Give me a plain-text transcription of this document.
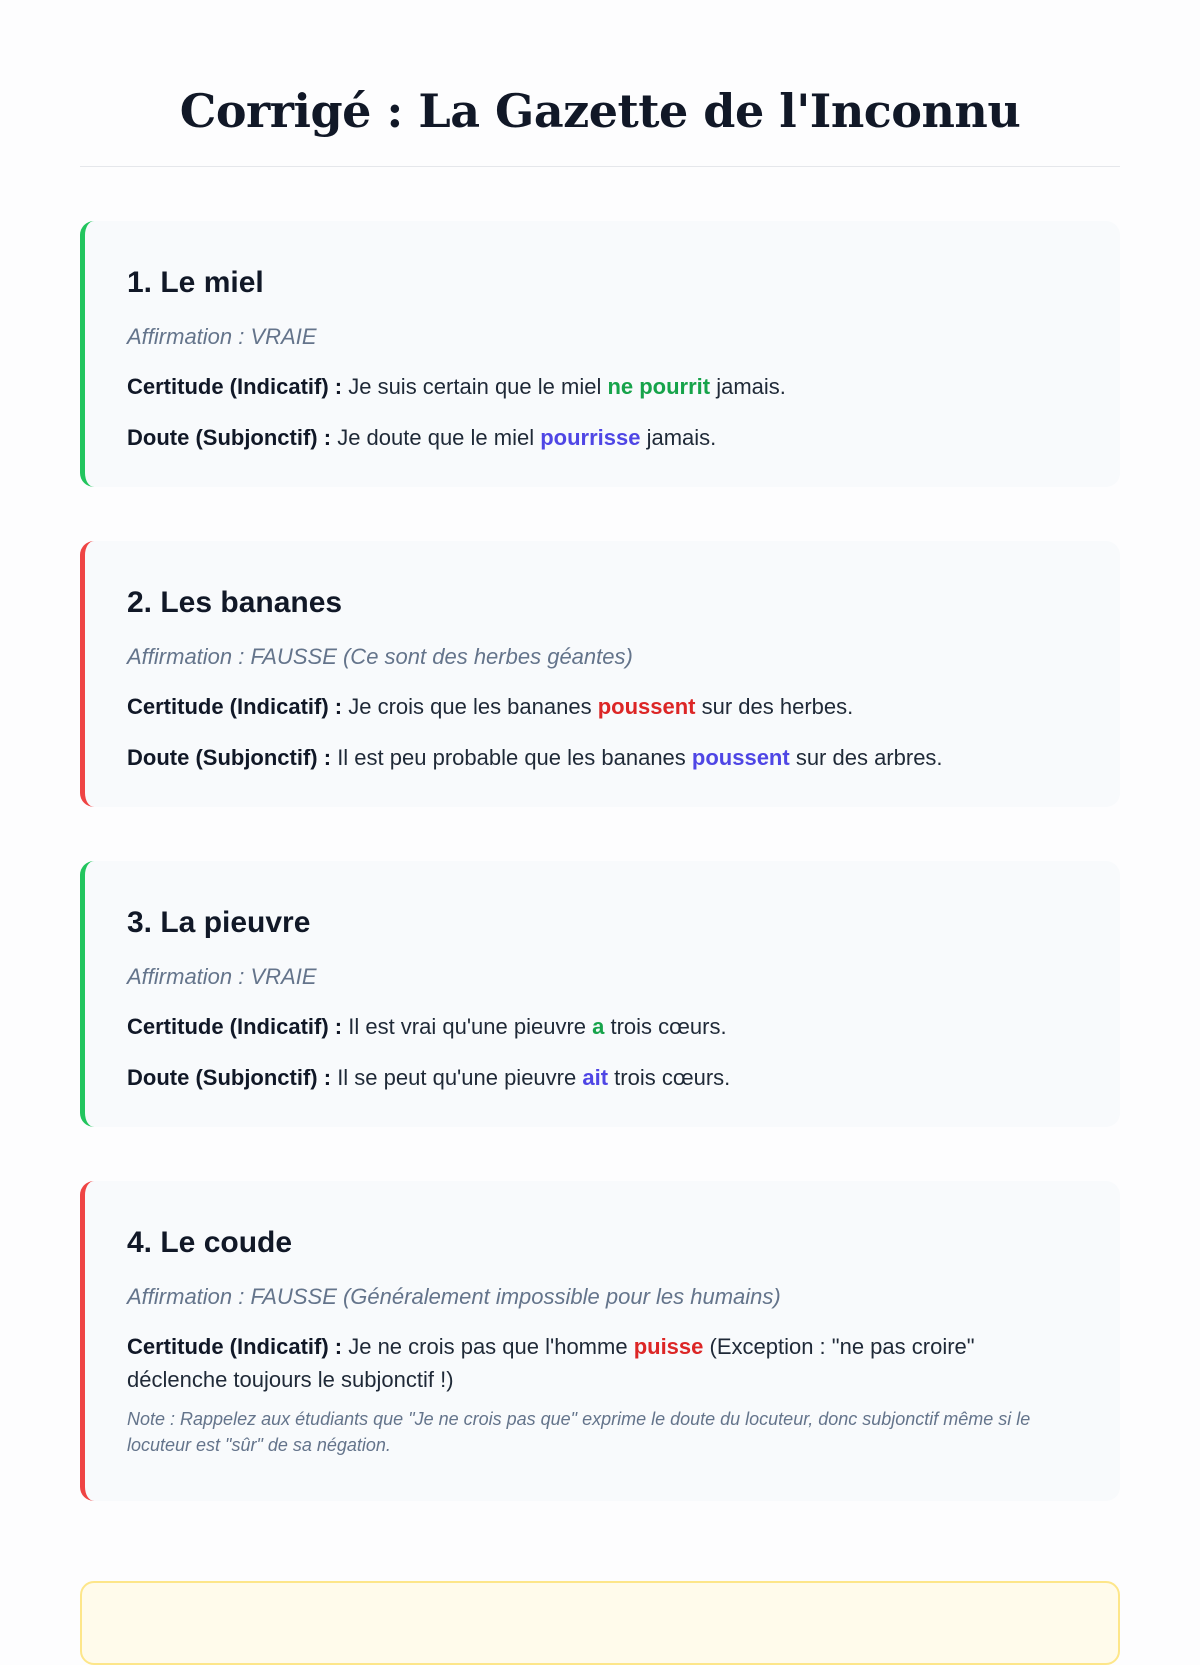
Corrigé : La Gazette de l'Inconnu
1. Le miel

Affirmation : VRAIE

Certitude (Indicatif) : Je suis certain que le miel ne pourrit jamais.

Doute (Subjonctif) : Je doute que le miel pourrisse jamais.

2. Les bananes

Affirmation : FAUSSE (Ce sont des herbes géantes)

Certitude (Indicatif) : Je crois que les bananes poussent sur des herbes.

Doute (Subjonctif) : Il est peu probable que les bananes poussent sur des arbres.

3. La pieuvre

Affirmation : VRAIE

Certitude (Indicatif) : Il est vrai qu'une pieuvre a trois cœurs.

Doute (Subjonctif) : Il se peut qu'une pieuvre ait trois cœurs.

4. Le coude

Affirmation : FAUSSE (Généralement impossible pour les humains)

Certitude (Indicatif) : Je ne crois pas que l'homme puisse (Exception : "ne pas croire" déclenche toujours le subjonctif !)

Note : Rappelez aux étudiants que "Je ne crois pas que" exprime le doute du locuteur, donc subjonctif même si le locuteur est "sûr" de sa négation.
